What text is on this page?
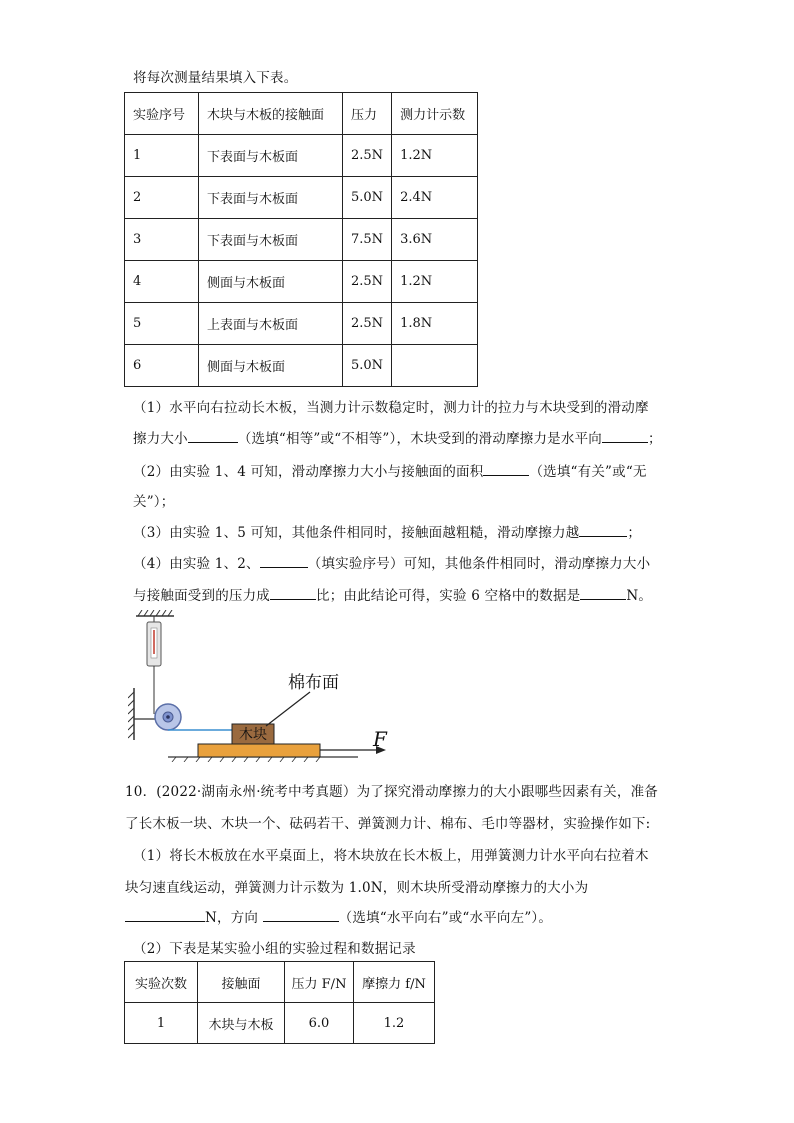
将每次测量结果填入下表。
实验序号	木块与木板的接触面	压力	测力计示数
1	下表面与木板面	2.5N	1.2N
2	下表面与木板面	5.0N	2.4N
3	下表面与木板面	7.5N	3.6N
4	侧面与木板面	2.5N	1.2N
5	上表面与木板面	2.5N	1.8N
6	侧面与木板面	5.0N	
（1）水平向右拉动长木板，当测力计示数稳定时，测力计的拉力与木块受到的滑动摩
擦力大小	（选填“相等”或“不相等”），木块受到的滑动摩擦力是水平向	；
（2）由实验 1、4 可知，滑动摩擦力大小与接触面的面积	（选填“有关”或“无
关”）；
（3）由实验 1、5 可知，其他条件相同时，接触面越粗糙，滑动摩擦力越	；
（4）由实验 1、2、	（填实验序号）可知，其他条件相同时，滑动摩擦力大小
与接触面受到的压力成	比；由此结论可得，实验 6 空格中的数据是	N。
木块
棉布面
F
10．(2022·湖南永州·统考中考真题）为了探究滑动摩擦力的大小跟哪些因素有关，准备
了长木板一块、木块一个、砝码若干、弹簧测力计、棉布、毛巾等器材，实验操作如下:
（1）将长木板放在水平桌面上，将木块放在长木板上，用弹簧测力计水平向右拉着木
块匀速直线运动，弹簧测力计示数为 1.0N，则木块所受滑动摩擦力的大小为
N，方向	（选填“水平向右”或“水平向左”）。
（2）下表是某实验小组的实验过程和数据记录
实验次数	接触面	压力 F/N	摩擦力 f/N
1	木块与木板	6.0	1.2
